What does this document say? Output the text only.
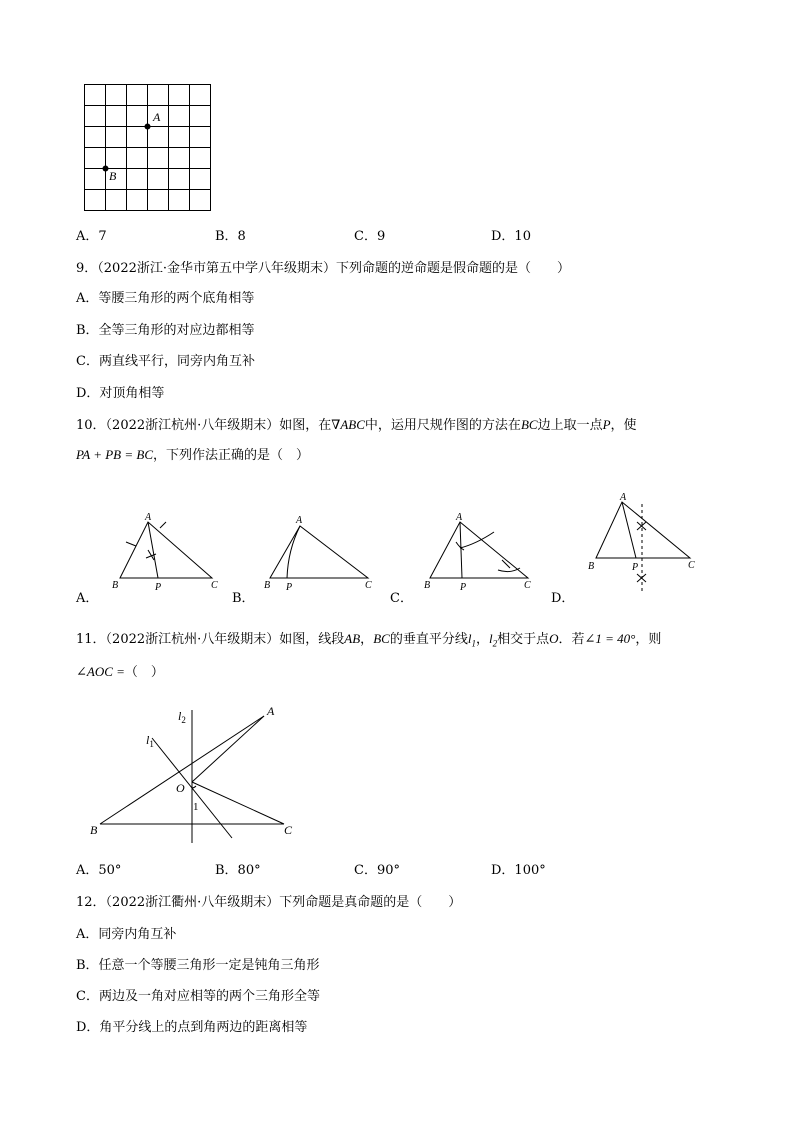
A
B
A．7	B．8	C．9	D．10
9．（2022浙江·金华市第五中学八年级期末）下列命题的逆命题是假命题的是（　　）
A．等腰三角形的两个底角相等
B．全等三角形的对应边都相等
C．两直线平行，同旁内角互补
D．对顶角相等
10．（2022浙江杭州·八年级期末）如图，在∇ABC中，运用尺规作图的方法在BC边上取一点P，使
PA + PB = BC，下列作法正确的是（　）
A
B	P	C
A．
A
B P	C
B．
A
B	P	C
C．
A
B	P	C
D．
11．（2022浙江杭州·八年级期末）如图，线段AB，BC的垂直平分线$l_1$，$l_2$相交于点O．若∠1 = 40°，则
∠AOC =（　）
A
B	C
O
1
$l_1$
$l_2$
A．50°	B．80°	C．90°	D．100°
12．（2022浙江衢州·八年级期末）下列命题是真命题的是（　　）
A．同旁内角互补
B．任意一个等腰三角形一定是钝角三角形
C．两边及一角对应相等的两个三角形全等
D．角平分线上的点到角两边的距离相等
